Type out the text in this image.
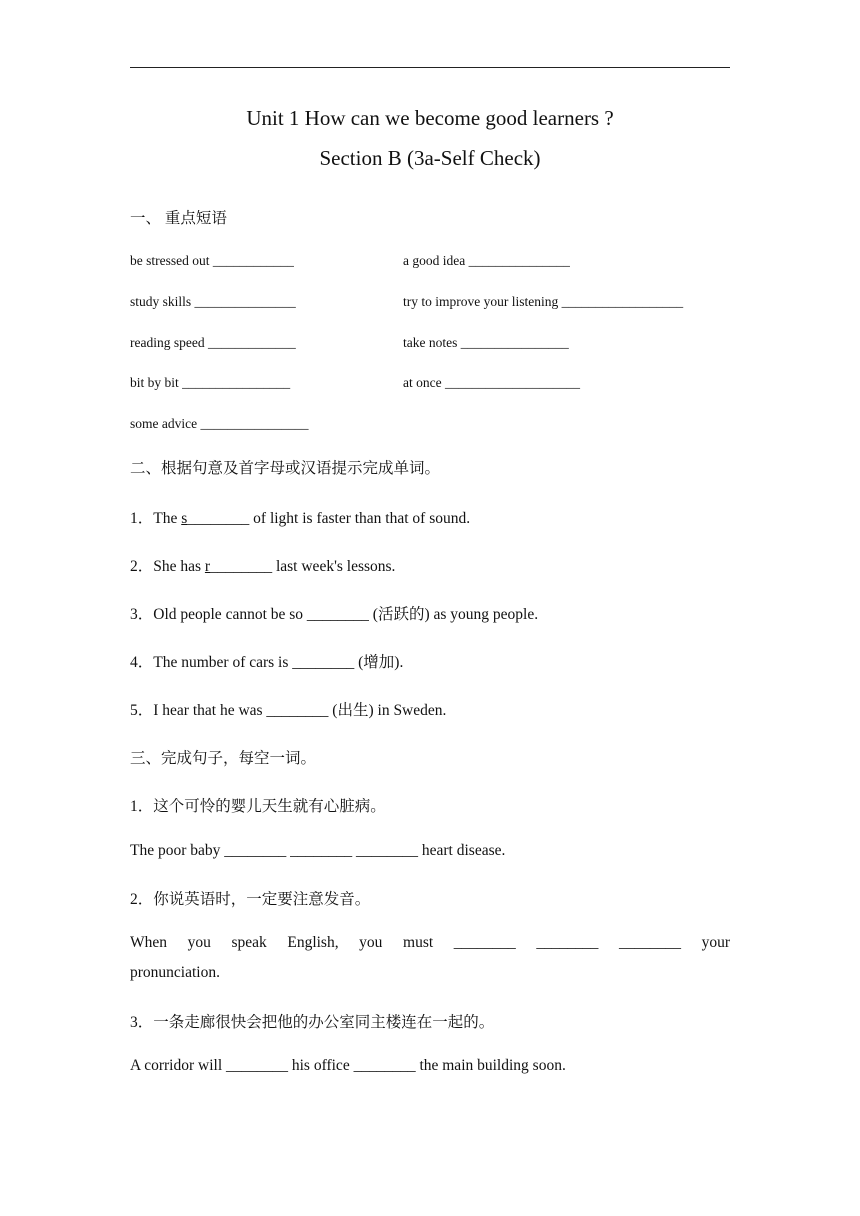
Unit 1 How can we become good learners ?
Section B (3a-Self Check)
一、 重点短语
be stressed out ____________	a good idea _______________
study skills _______________	try to improve your listening __________________
reading speed _____________	take notes ________________
bit by bit ________________	at once ____________________
some advice ________________
二、根据句意及首字母或汉语提示完成单词。
1．The s________ of light is faster than that of sound.
2．She has r________ last week's lessons.
3．Old people cannot be so ________ (活跃的) as young people.
4．The number of cars is ________ (增加).
5．I hear that he was ________ (出生) in Sweden.
三、完成句子，每空一词。
1．这个可怜的婴儿天生就有心脏病。
The poor baby ________ ________ ________ heart disease.
2．你说英语时，一定要注意发音。
When you speak English, you must ________ ________ ________ your
pronunciation.
3．一条走廊很快会把他的办公室同主楼连在一起的。
A corridor will ________ his office ________ the main building soon.
